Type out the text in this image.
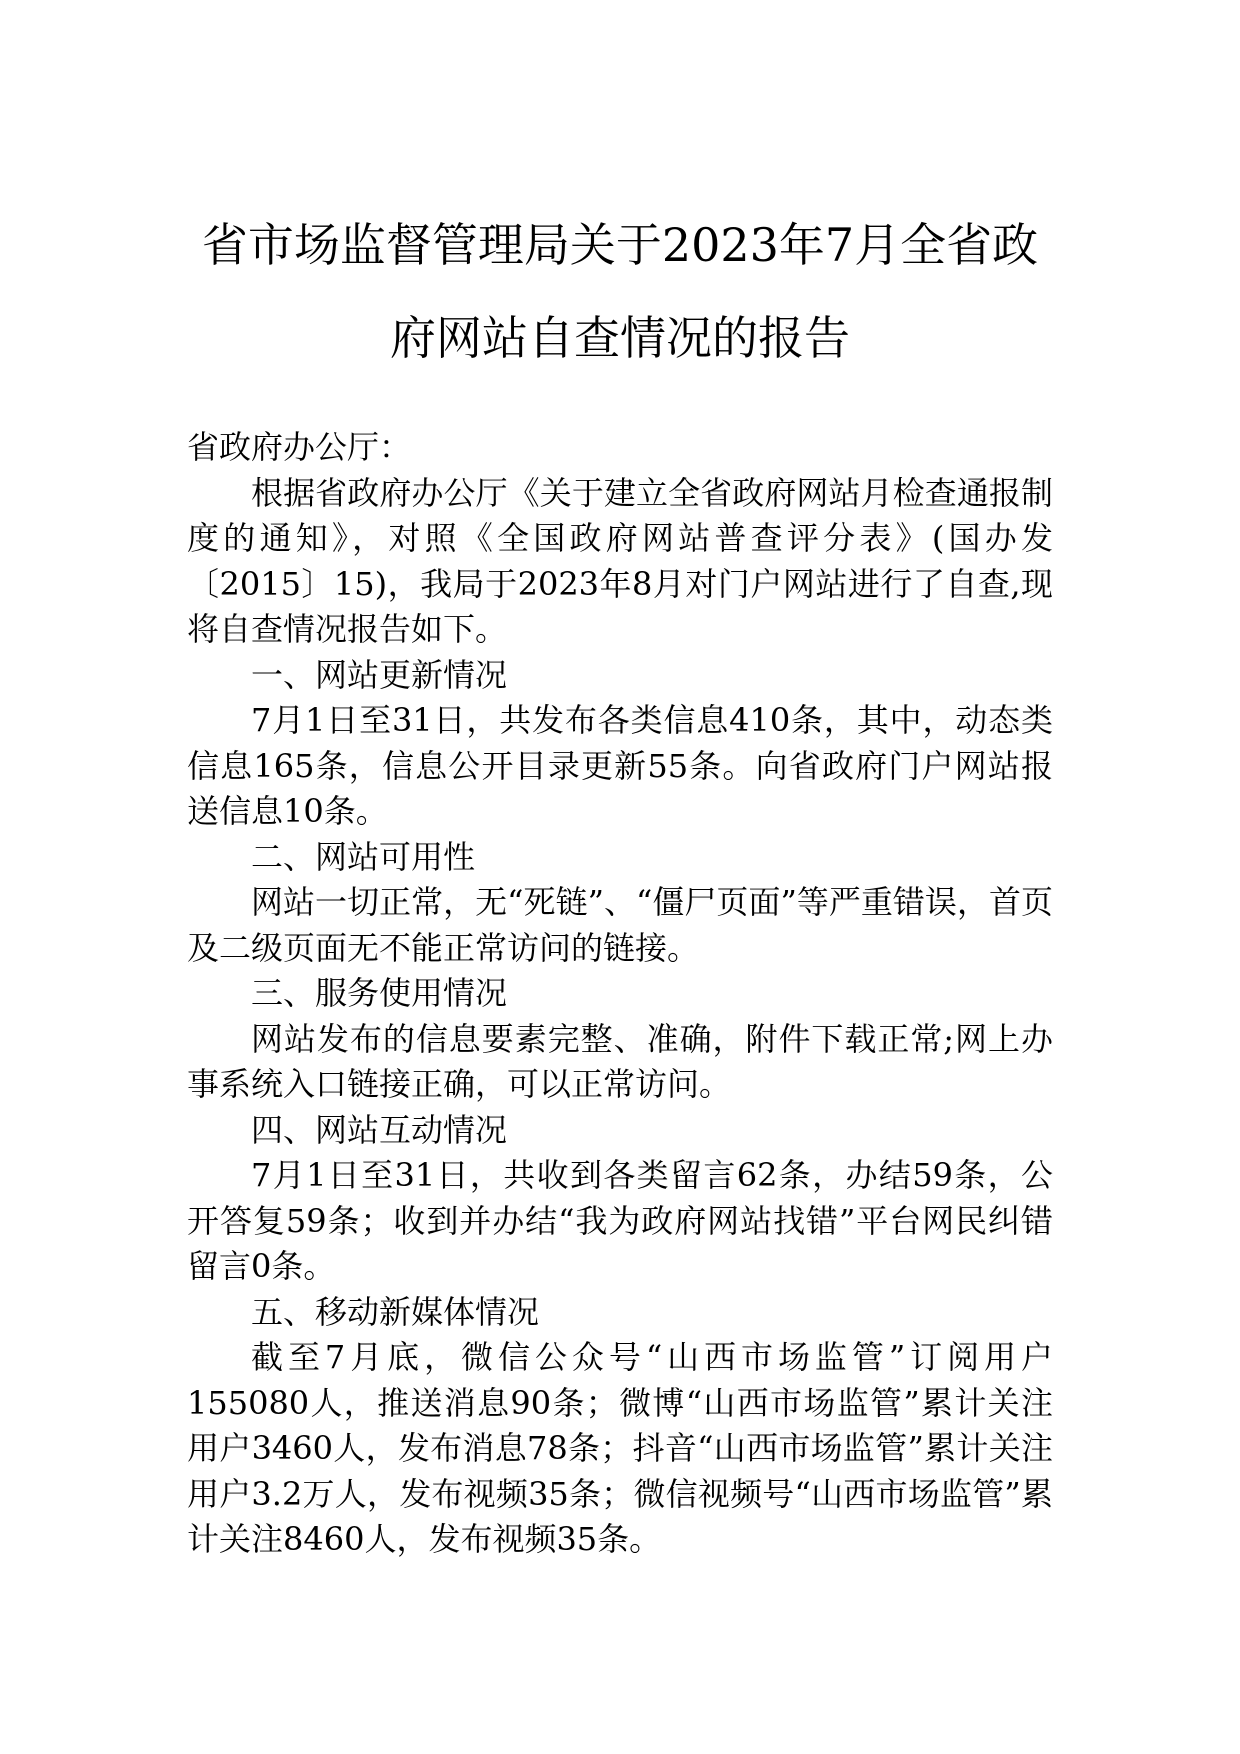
省市场监督管理局关于2023年7月全省政
府网站自查情况的报告

省政府办公厅：

根据省政府办公厅《关于建立全省政府网站月检查通报制度的通知》，对照《全国政府网站普查评分表》(国办发〔2015〕15)，我局于2023年8月对门户网站进行了自查,现将自查情况报告如下。

一、网站更新情况

7月1日至31日，共发布各类信息410条，其中，动态类信息165条，信息公开目录更新55条。向省政府门户网站报送信息10条。

二、网站可用性

网站一切正常，无“死链”、“僵尸页面”等严重错误，首页及二级页面无不能正常访问的链接。

三、服务使用情况

网站发布的信息要素完整、准确，附件下载正常;网上办事系统入口链接正确，可以正常访问。

四、网站互动情况

7月1日至31日，共收到各类留言62条，办结59条，公开答复59条；收到并办结“我为政府网站找错”平台网民纠错留言0条。

五、移动新媒体情况

截至7月底，微信公众号“山西市场监管”订阅用户155080人，推送消息90条；微博“山西市场监管”累计关注用户3460人，发布消息78条；抖音“山西市场监管”累计关注用户3.2万人，发布视频35条；微信视频号“山西市场监管”累计关注8460人，发布视频35条。
